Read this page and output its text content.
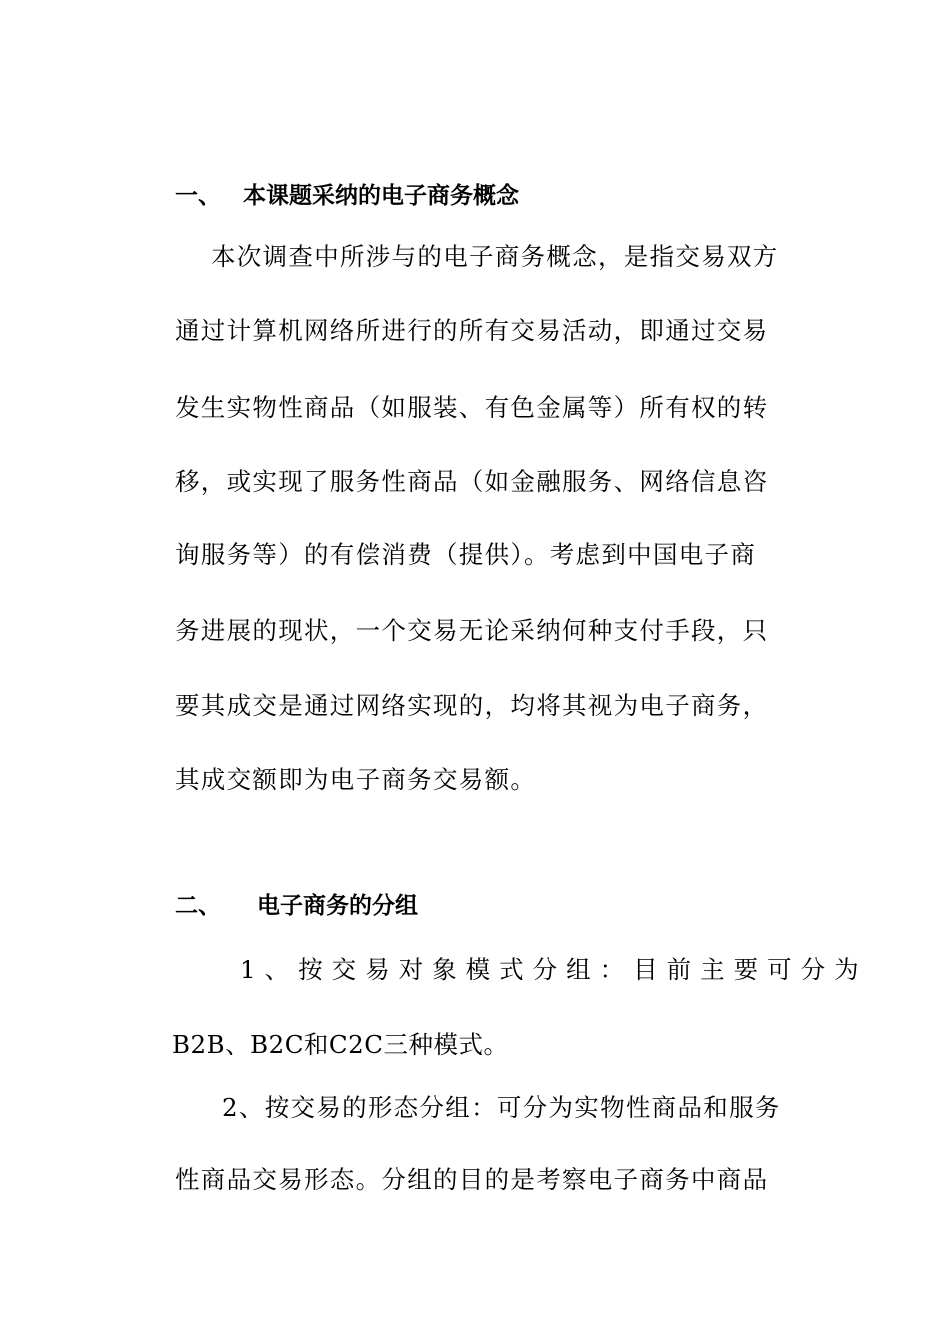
一、 本课题采纳的电子商务概念
本次调查中所涉与的电子商务概念，是指交易双方
通过计算机网络所进行的所有交易活动，即通过交易
发生实物性商品（如服装、有色金属等）所有权的转
移，或实现了服务性商品（如金融服务、网络信息咨
询服务等）的有偿消费（提供）。考虑到中国电子商
务进展的现状，一个交易无论采纳何种支付手段，只
要其成交是通过网络实现的，均将其视为电子商务，
其成交额即为电子商务交易额。
二、 电子商务的分组
1、按交易对象模式分组：目前主要可分为
B2B、B2C和C2C三种模式。
2、按交易的形态分组：可分为实物性商品和服务
性商品交易形态。分组的目的是考察电子商务中商品
